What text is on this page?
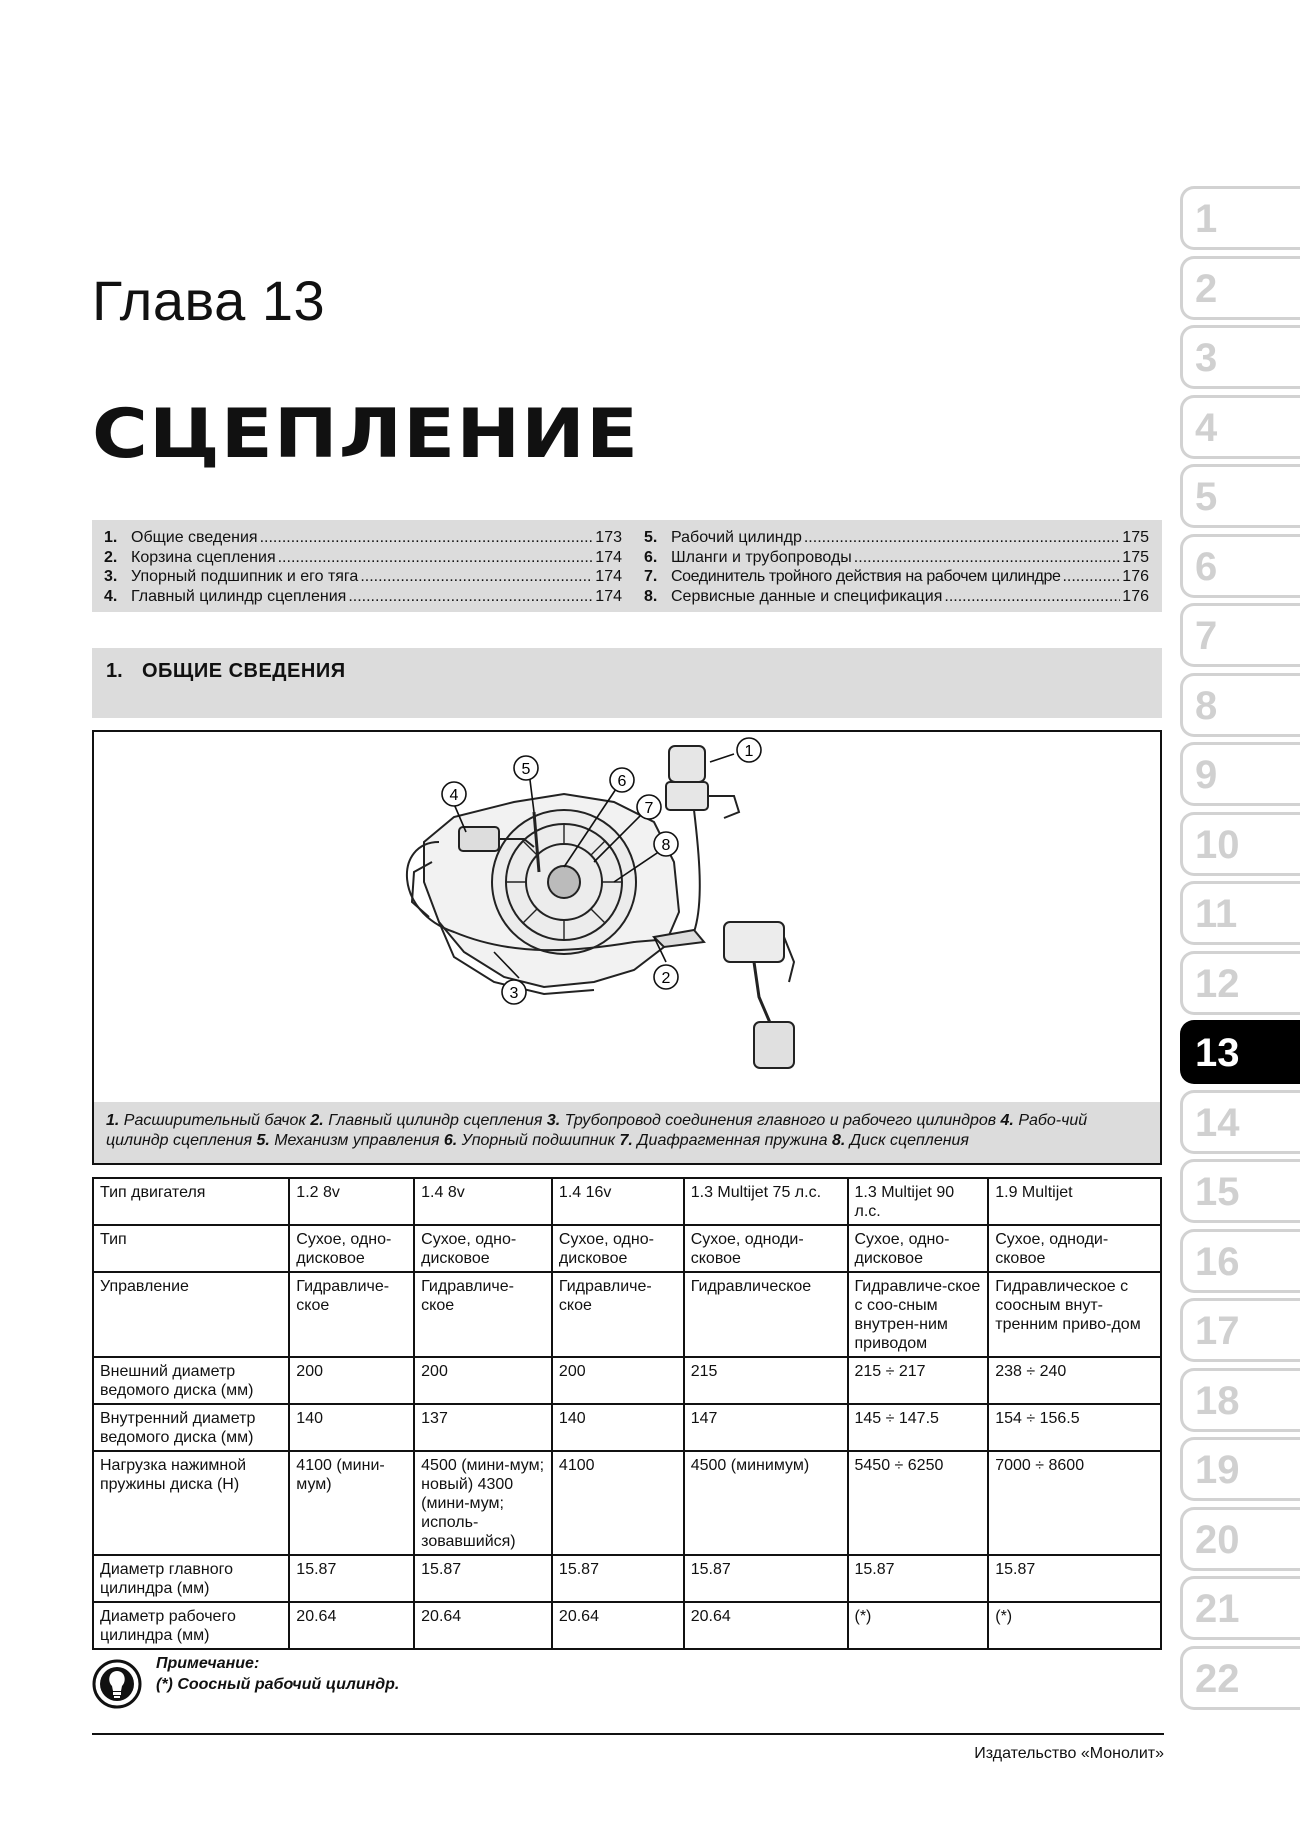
Глава 13
СЦЕПЛЕНИЕ
1. Общие сведения .....	173
2. Корзина сцепления .....	174
3. Упорный подшипник и его тяга .....	174
4. Главный цилиндр сцепления .....	174
5. Рабочий цилиндр .....	175
6. Шланги и трубопроводы .....	175
7. Соединитель тройного действия на рабочем цилиндре .....	176
8. Сервисные данные и спецификация .....	176
1. ОБЩИЕ СВЕДЕНИЯ
1
2
3
4
5
6
7
8
1. Расширительный бачок 2. Главный цилиндр сцепления 3. Трубопровод соединения главного и рабочего цилиндров 4. Рабо-чий цилиндр сцепления 5. Механизм управления 6. Упорный подшипник 7. Диафрагменная пружина 8. Диск сцепления
Тип двигателя	1.2 8v	1.4 8v	1.4 16v	1.3 Multijet 75 л.с.	1.3 Multijet 90 л.с.	1.9 Multijet
Тип	Сухое, одно-дисковое	Сухое, одно-дисковое	Сухое, одно-дисковое	Сухое, одноди-сковое	Сухое, одно-дисковое	Сухое, одноди-сковое
Управление	Гидравличе-ское	Гидравличе-ское	Гидравличе-ское	Гидравлическое	Гидравличе-ское с соо-сным внутрен-ним приводом	Гидравлическое с соосным внут-тренним приво-дом
Внешний диаметр ведомого диска (мм)	200	200	200	215	215 ÷ 217	238 ÷ 240
Внутренний диаметр ведомого диска (мм)	140	137	140	147	145 ÷ 147.5	154 ÷ 156.5
Нагрузка нажимной пружины диска (Н)	4100 (мини-мум)	4500 (мини-мум; новый) 4300 (мини-мум; исполь-зовавшийся)	4100	4500 (минимум)	5450 ÷ 6250	7000 ÷ 8600
Диаметр главного цилиндра (мм)	15.87	15.87	15.87	15.87	15.87	15.87
Диаметр рабочего цилиндра (мм)	20.64	20.64	20.64	20.64	(*)	(*)
Примечание:
(*) Соосный рабочий цилиндр.
Издательство «Монолит»
1
2
3
4
5
6
7
8
9
10
11
12
13
14
15
16
17
18
19
20
21
22
